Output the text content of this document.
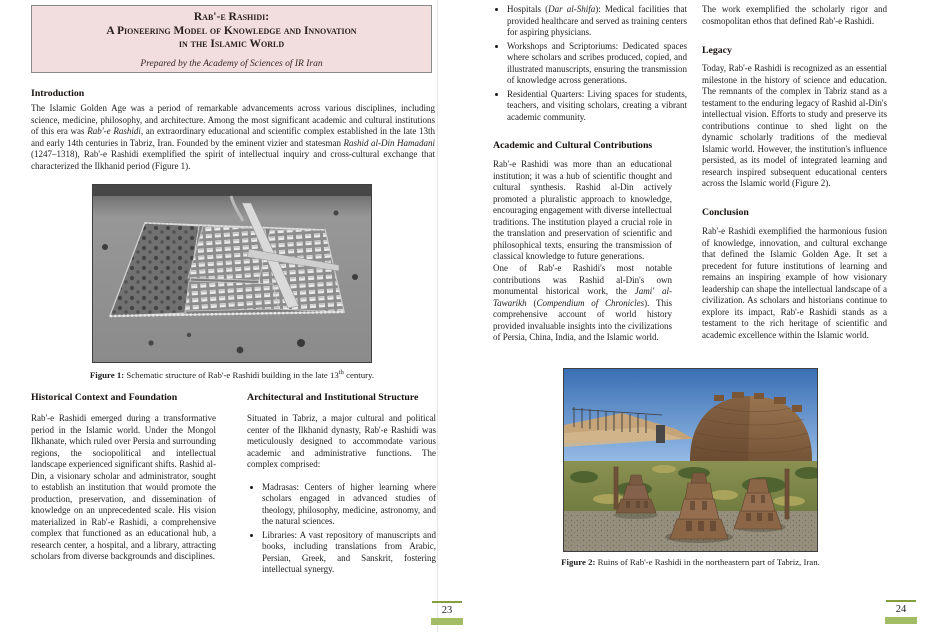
Rab'-e Rashidi:
A Pioneering Model of Knowledge and Innovation
in the Islamic World
Prepared by the Academy of Sciences of IR Iran
Introduction
The Islamic Golden Age was a period of remarkable advancements across various disciplines, including science, medicine, philosophy, and architecture. Among the most significant academic and cultural institutions of this era was Rab'-e Rashidi, an extraordinary educational and scientific complex established in the late 13th and early 14th centuries in Tabriz, Iran. Founded by the eminent vizier and statesman Rashid al-Din Hamadani (1247–1318), Rab'-e Rashidi exemplified the spirit of intellectual inquiry and cross-cultural exchange that characterized the Ilkhanid period (Figure 1).
Figure 1: Schematic structure of Rab'-e Rashidi building in the late 13th century.
Historical Context and Foundation	Architectural and Institutional Structure
Rab'-e Rashidi emerged during a transformative period in the Islamic world. Under the Mongol Ilkhanate, which ruled over Persia and surrounding regions, the sociopolitical and intellectual landscape experienced significant shifts. Rashid al-Din, a visionary scholar and administrator, sought to establish an institution that would promote the production, preservation, and dissemination of knowledge on an unprecedented scale. His vision materialized in Rab'-e Rashidi, a comprehensive complex that functioned as an educational hub, a research center, a hospital, and a library, attracting scholars from diverse backgrounds and disciplines.
Situated in Tabriz, a major cultural and political center of the Ilkhanid dynasty, Rab'-e Rashidi was meticulously designed to accommodate various academic and administrative functions. The complex comprised:
• Madrasas: Centers of higher learning where scholars engaged in advanced studies of theology, philosophy, medicine, astronomy, and the natural sciences.
• Libraries: A vast repository of manuscripts and books, including translations from Arabic, Persian, Greek, and Sanskrit, fostering intellectual synergy.
23
• Hospitals (Dar al-Shifa): Medical facilities that provided healthcare and served as training centers for aspiring physicians.
• Workshops and Scriptoriums: Dedicated spaces where scholars and scribes produced, copied, and illustrated manuscripts, ensuring the transmission of knowledge across generations.
• Residential Quarters: Living spaces for students, teachers, and visiting scholars, creating a vibrant academic community.
Academic and Cultural Contributions
Rab'-e Rashidi was more than an educational institution; it was a hub of scientific thought and cultural synthesis. Rashid al-Din actively promoted a pluralistic approach to knowledge, encouraging engagement with diverse intellectual traditions. The institution played a crucial role in the translation and preservation of scientific and philosophical texts, ensuring the transmission of classical knowledge to future generations.
One of Rab'-e Rashidi's most notable contributions was Rashid al-Din's own monumental historical work, the Jami' al-Tawarikh (Compendium of Chronicles). This comprehensive account of world history provided invaluable insights into the civilizations of Persia, China, India, and the Islamic world.
The work exemplified the scholarly rigor and cosmopolitan ethos that defined Rab'-e Rashidi.
Legacy
Today, Rab'-e Rashidi is recognized as an essential milestone in the history of science and education. The remnants of the complex in Tabriz stand as a testament to the enduring legacy of Rashid al-Din's intellectual vision. Efforts to study and preserve its contributions continue to shed light on the dynamic scholarly traditions of the medieval Islamic world. However, the institution's influence persisted, as its model of integrated learning and research inspired subsequent educational centers across the Islamic world (Figure 2).
Conclusion
Rab'-e Rashidi exemplified the harmonious fusion of knowledge, innovation, and cultural exchange that defined the Islamic Golden Age. It set a precedent for future institutions of learning and remains an inspiring example of how visionary leadership can shape the intellectual landscape of a civilization. As scholars and historians continue to explore its impact, Rab'-e Rashidi stands as a testament to the rich heritage of scientific and academic excellence within the Islamic world.
Figure 2: Ruins of Rab'-e Rashidi in the northeastern part of Tabriz, Iran.
24
